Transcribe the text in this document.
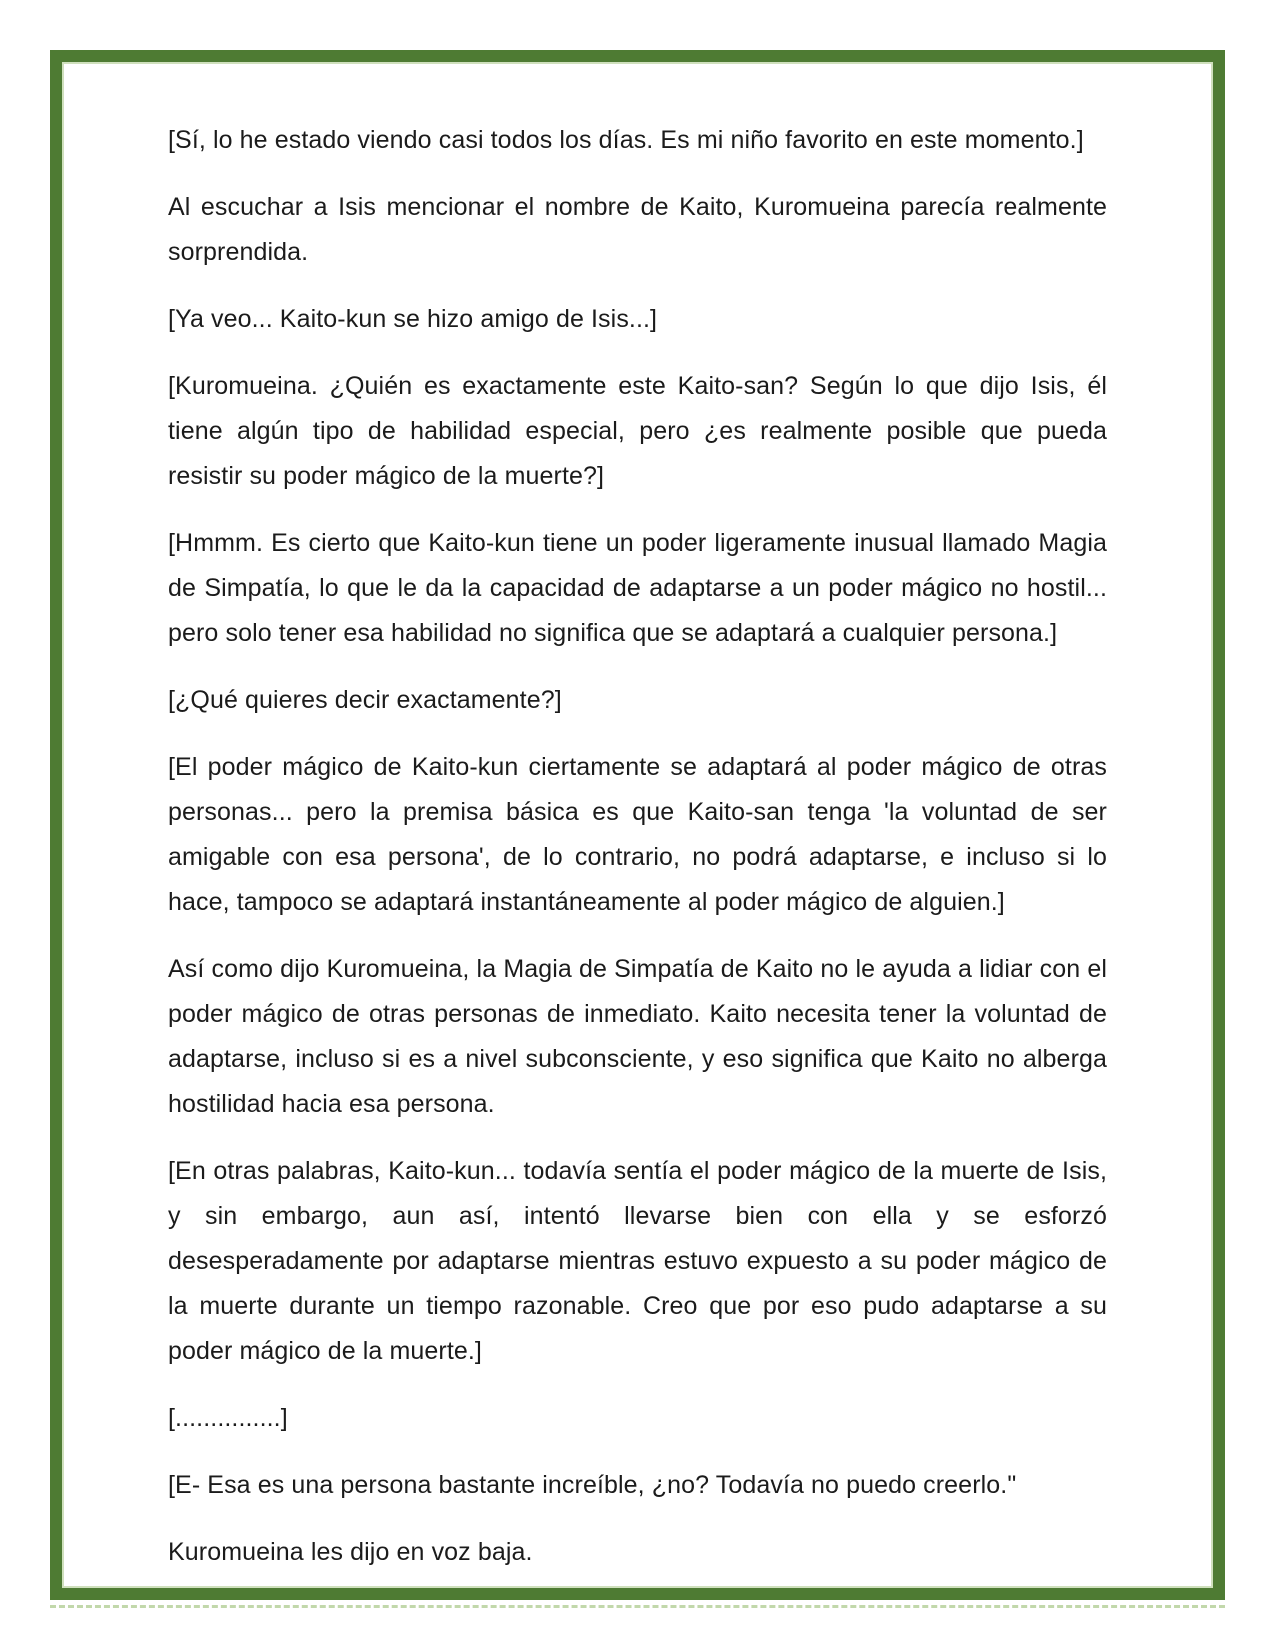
[Sí, lo he estado viendo casi todos los días. Es mi niño favorito en este momento.]

Al escuchar a Isis mencionar el nombre de Kaito, Kuromueina parecía realmente sorprendida.

[Ya veo... Kaito-kun se hizo amigo de Isis...]

[Kuromueina. ¿Quién es exactamente este Kaito-san? Según lo que dijo Isis, él tiene algún tipo de habilidad especial, pero ¿es realmente posible que pueda resistir su poder mágico de la muerte?]

[Hmmm. Es cierto que Kaito-kun tiene un poder ligeramente inusual llamado Magia de Simpatía, lo que le da la capacidad de adaptarse a un poder mágico no hostil... pero solo tener esa habilidad no significa que se adaptará a cualquier persona.]

[¿Qué quieres decir exactamente?]

[El poder mágico de Kaito-kun ciertamente se adaptará al poder mágico de otras personas... pero la premisa básica es que Kaito-san tenga 'la voluntad de ser amigable con esa persona', de lo contrario, no podrá adaptarse, e incluso si lo hace, tampoco se adaptará instantáneamente al poder mágico de alguien.]

Así como dijo Kuromueina, la Magia de Simpatía de Kaito no le ayuda a lidiar con el poder mágico de otras personas de inmediato. Kaito necesita tener la voluntad de adaptarse, incluso si es a nivel subconsciente, y eso significa que Kaito no alberga hostilidad hacia esa persona.

[En otras palabras, Kaito-kun... todavía sentía el poder mágico de la muerte de Isis, y sin embargo, aun así, intentó llevarse bien con ella y se esforzó desesperadamente por adaptarse mientras estuvo expuesto a su poder mágico de la muerte durante un tiempo razonable. Creo que por eso pudo adaptarse a su poder mágico de la muerte.]

[...............]

[E- Esa es una persona bastante increíble, ¿no? Todavía no puedo creerlo."

Kuromueina les dijo en voz baja.
